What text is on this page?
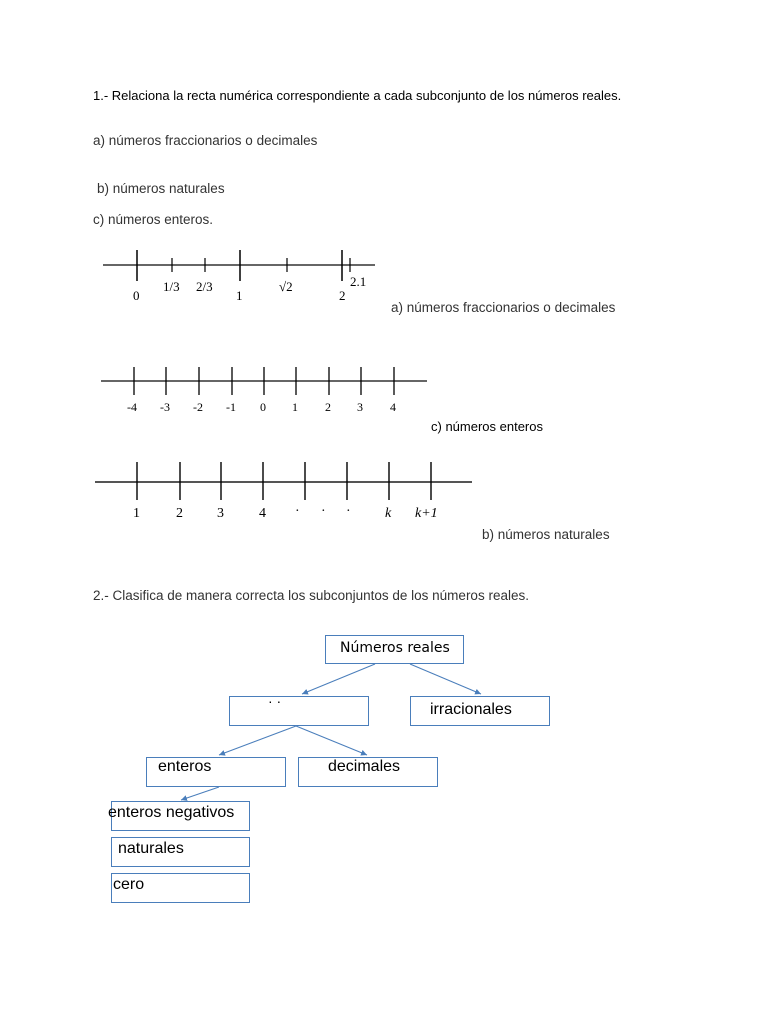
1.- Relaciona la recta numérica correspondiente a cada subconjunto de los números reales.
a) números fraccionarios o decimales
b) números naturales
c) números enteros.
0	1	2
1/3 2/3	√2	2.1
a) números fraccionarios o decimales
-4 -3 -2 -1 0 1 2 3 4
c) números enteros
1	2 3	4 · · · k k+1
b) números naturales
2.- Clasifica de manera correcta los subconjuntos de los números reales.
Números reales
· ·	irracionales
enteros	decimales
enteros negativos
naturales
cero
